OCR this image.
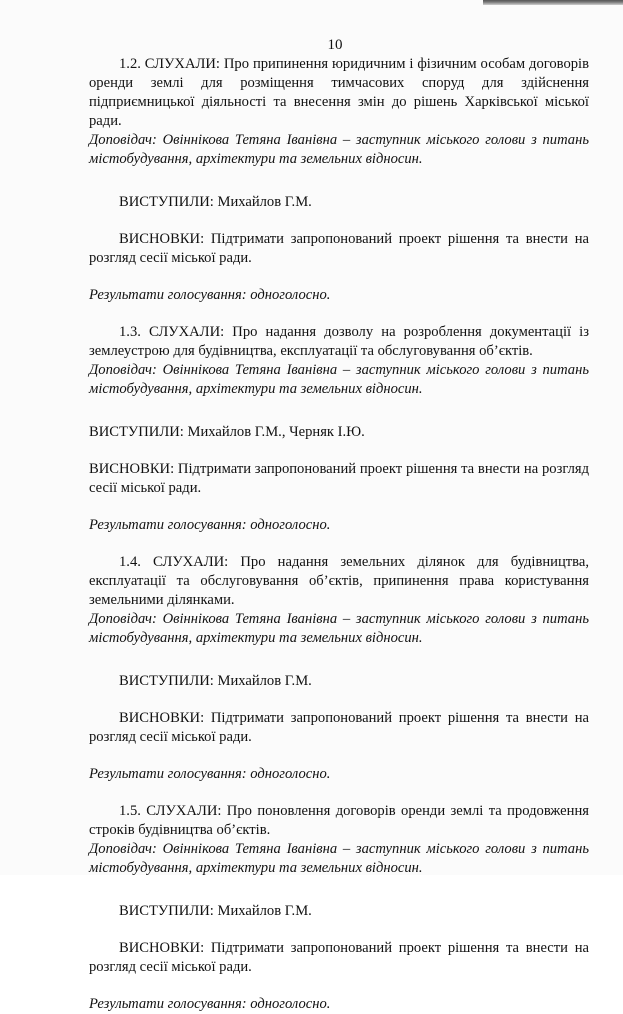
10

1.2. СЛУХАЛИ: Про припинення юридичним і фізичним особам договорів оренди землі для розміщення тимчасових споруд для здійснення підприємницької діяльності та внесення змін до рішень Харківської міської ради.

Доповідач: Овіннікова Тетяна Іванівна – заступник міського голови з питань містобудування, архітектури та земельних відносин.

ВИСТУПИЛИ: Михайлов Г.М.

ВИСНОВКИ: Підтримати запропонований проект рішення та внести на розгляд сесії міської ради.

Результати голосування: одноголосно.

1.3. СЛУХАЛИ: Про надання дозволу на розроблення документації із землеустрою для будівництва, експлуатації та обслуговування об’єктів.

Доповідач: Овіннікова Тетяна Іванівна – заступник міського голови з питань містобудування, архітектури та земельних відносин.

ВИСТУПИЛИ: Михайлов Г.М., Черняк І.Ю.

ВИСНОВКИ: Підтримати запропонований проект рішення та внести на розгляд сесії міської ради.

Результати голосування: одноголосно.

1.4. СЛУХАЛИ: Про надання земельних ділянок для будівництва, експлуатації та обслуговування об’єктів, припинення права користування земельними ділянками.

Доповідач: Овіннікова Тетяна Іванівна – заступник міського голови з питань містобудування, архітектури та земельних відносин.

ВИСТУПИЛИ: Михайлов Г.М.

ВИСНОВКИ: Підтримати запропонований проект рішення та внести на розгляд сесії міської ради.

Результати голосування: одноголосно.

1.5. СЛУХАЛИ: Про поновлення договорів оренди землі та продовження строків будівництва об’єктів.

Доповідач: Овіннікова Тетяна Іванівна – заступник міського голови з питань містобудування, архітектури та земельних відносин.

ВИСТУПИЛИ: Михайлов Г.М.

ВИСНОВКИ: Підтримати запропонований проект рішення та внести на розгляд сесії міської ради.

Результати голосування: одноголосно.
